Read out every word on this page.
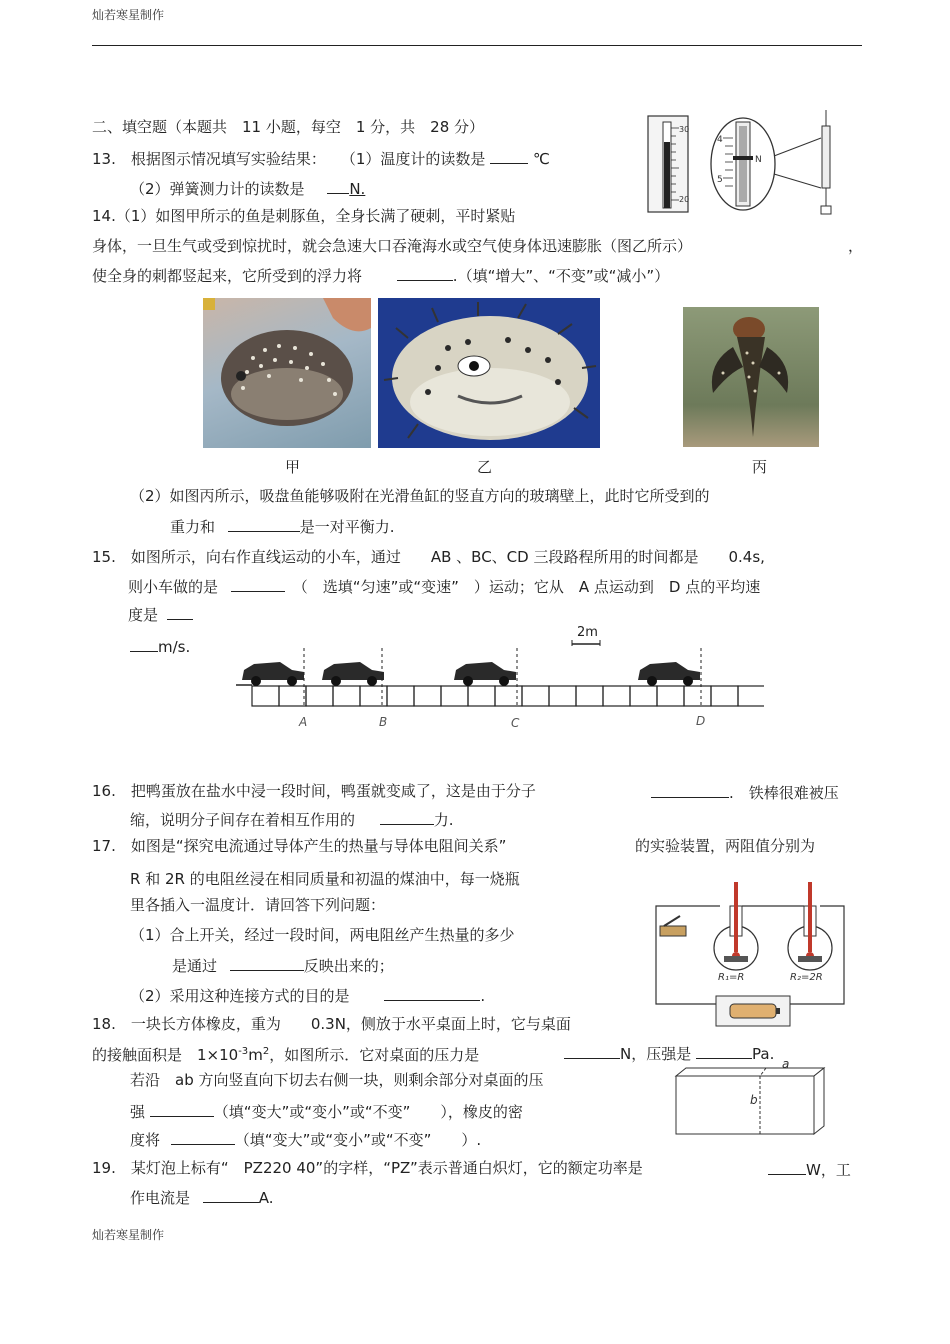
灿若寒星制作
二、填空题（本题共　11 小题，每空　1 分，共　28 分）
13.　根据图示情况填写实验结果：　　（1）温度计的读数是	℃
（2）弹簧测力计的读数是	N.
30
20
4
5
N
14.（1）如图甲所示的鱼是刺豚鱼，全身长满了硬刺，平时紧贴
身体，一旦生气或受到惊扰时，就会急速大口吞淹海水或空气使身体迅速膨胀（图乙所示）	，
使全身的刺都竖起来，它所受到的浮力将	.（填“增大”、“不变”或“减小”）
甲	乙	丙
（2）如图丙所示，吸盘鱼能够吸附在光滑鱼缸的竖直方向的玻璃壁上，此时它所受到的
重力和	是一对平衡力.
15.　如图所示，向右作直线运动的小车，通过　　AB 、BC、CD 三段路程所用的时间都是　　0.4s,
则小车做的是	（　选填“匀速”或“变速”　）运动；它从　A 点运动到　D 点的平均速
度是
m/s.
2m
A	B	C	D
16.　把鸭蛋放在盐水中浸一段时间，鸭蛋就变咸了，这是由于分子	.　铁棒很难被压
缩，说明分子间存在着相互作用的	力.
17.　如图是“探究电流通过导体产生的热量与导体电阻间关系”	的实验装置，两阻值分别为
R 和 2R 的电阻丝浸在相同质量和初温的煤油中，每一烧瓶
里各插入一温度计．请回答下列问题：
（1）合上开关，经过一段时间，两电阻丝产生热量的多少
是通过	反映出来的；
（2）采用这种连接方式的目的是	.
R₁=R	R₂=2R
18.　一块长方体橡皮，重为　　0.3N，侧放于水平桌面上时，它与桌面
的接触面积是　$1\times 10^{-3}m^2$，如图所示．它对桌面的压力是	N，压强是	Pa.
若沿　ab 方向竖直向下切去右侧一块，则剩余部分对桌面的压
强	（填“变大”或“变小”或“不变”　　），橡皮的密
度将	（填“变大”或“变小”或“不变”　　）.
a
b
19.　某灯泡上标有“　PZ220 40”的字样，“PZ”表示普通白炽灯，它的额定功率是	W，工
作电流是	A.
灿若寒星制作
